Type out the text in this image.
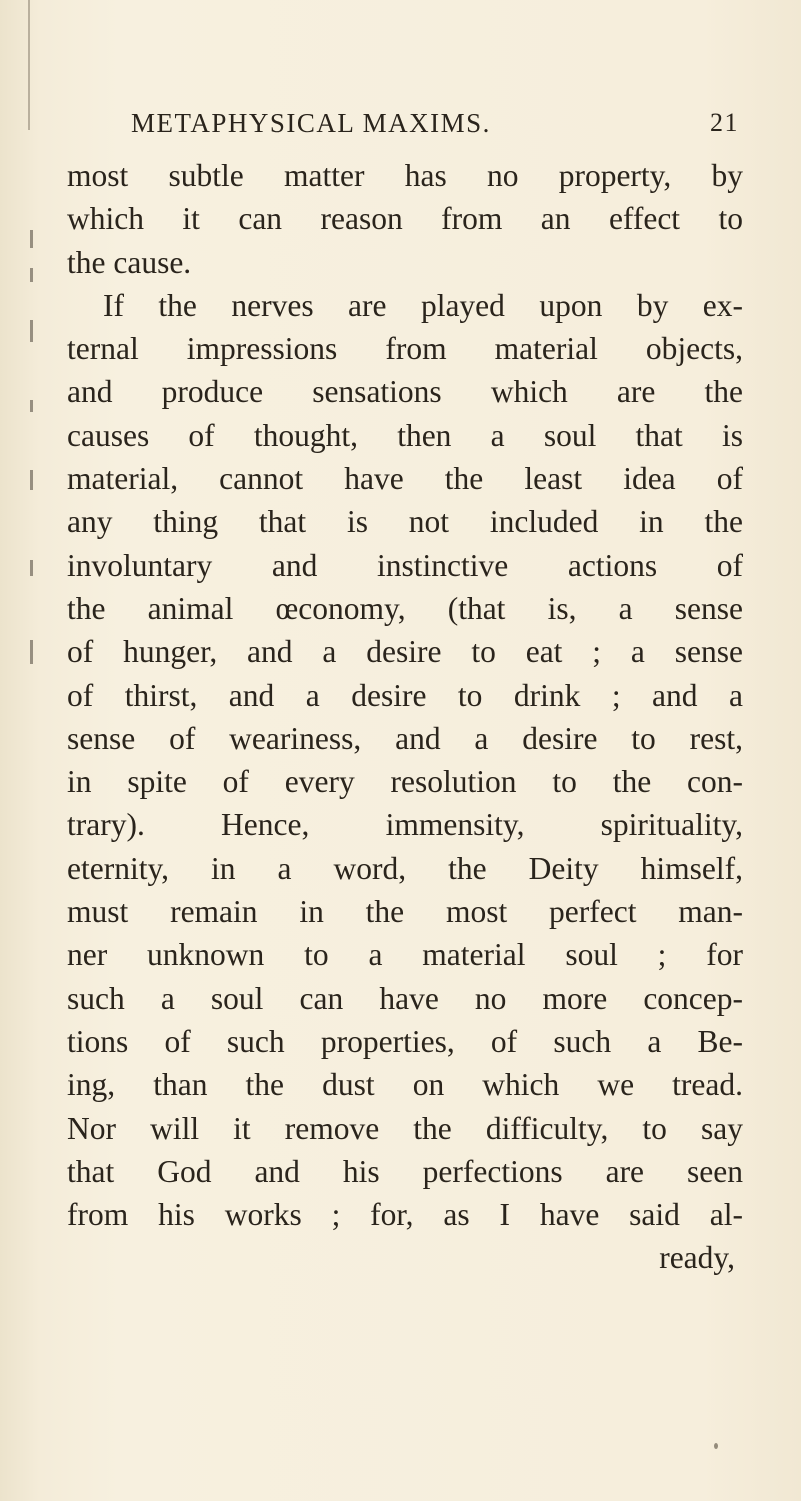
METAPHYSICAL MAXIMS.	21
most subtle matter has no property, by
which it can reason from an effect to
the cause.
If the nerves are played upon by ex-
ternal impressions from material objects,
and produce sensations which are the
causes of thought, then a soul that is
material, cannot have the least idea of
any thing that is not included in the
involuntary and instinctive actions of
the animal œconomy, (that is, a sense
of hunger, and a desire to eat ; a sense
of thirst, and a desire to drink ; and a
sense of weariness, and a desire to rest,
in spite of every resolution to the con-
trary). Hence, immensity, spirituality,
eternity, in a word, the Deity himself,
must remain in the most perfect man-
ner unknown to a material soul ; for
such a soul can have no more concep-
tions of such properties, of such a Be-
ing, than the dust on which we tread.
Nor will it remove the difficulty, to say
that God and his perfections are seen
from his works ; for, as I have said al-
ready,
